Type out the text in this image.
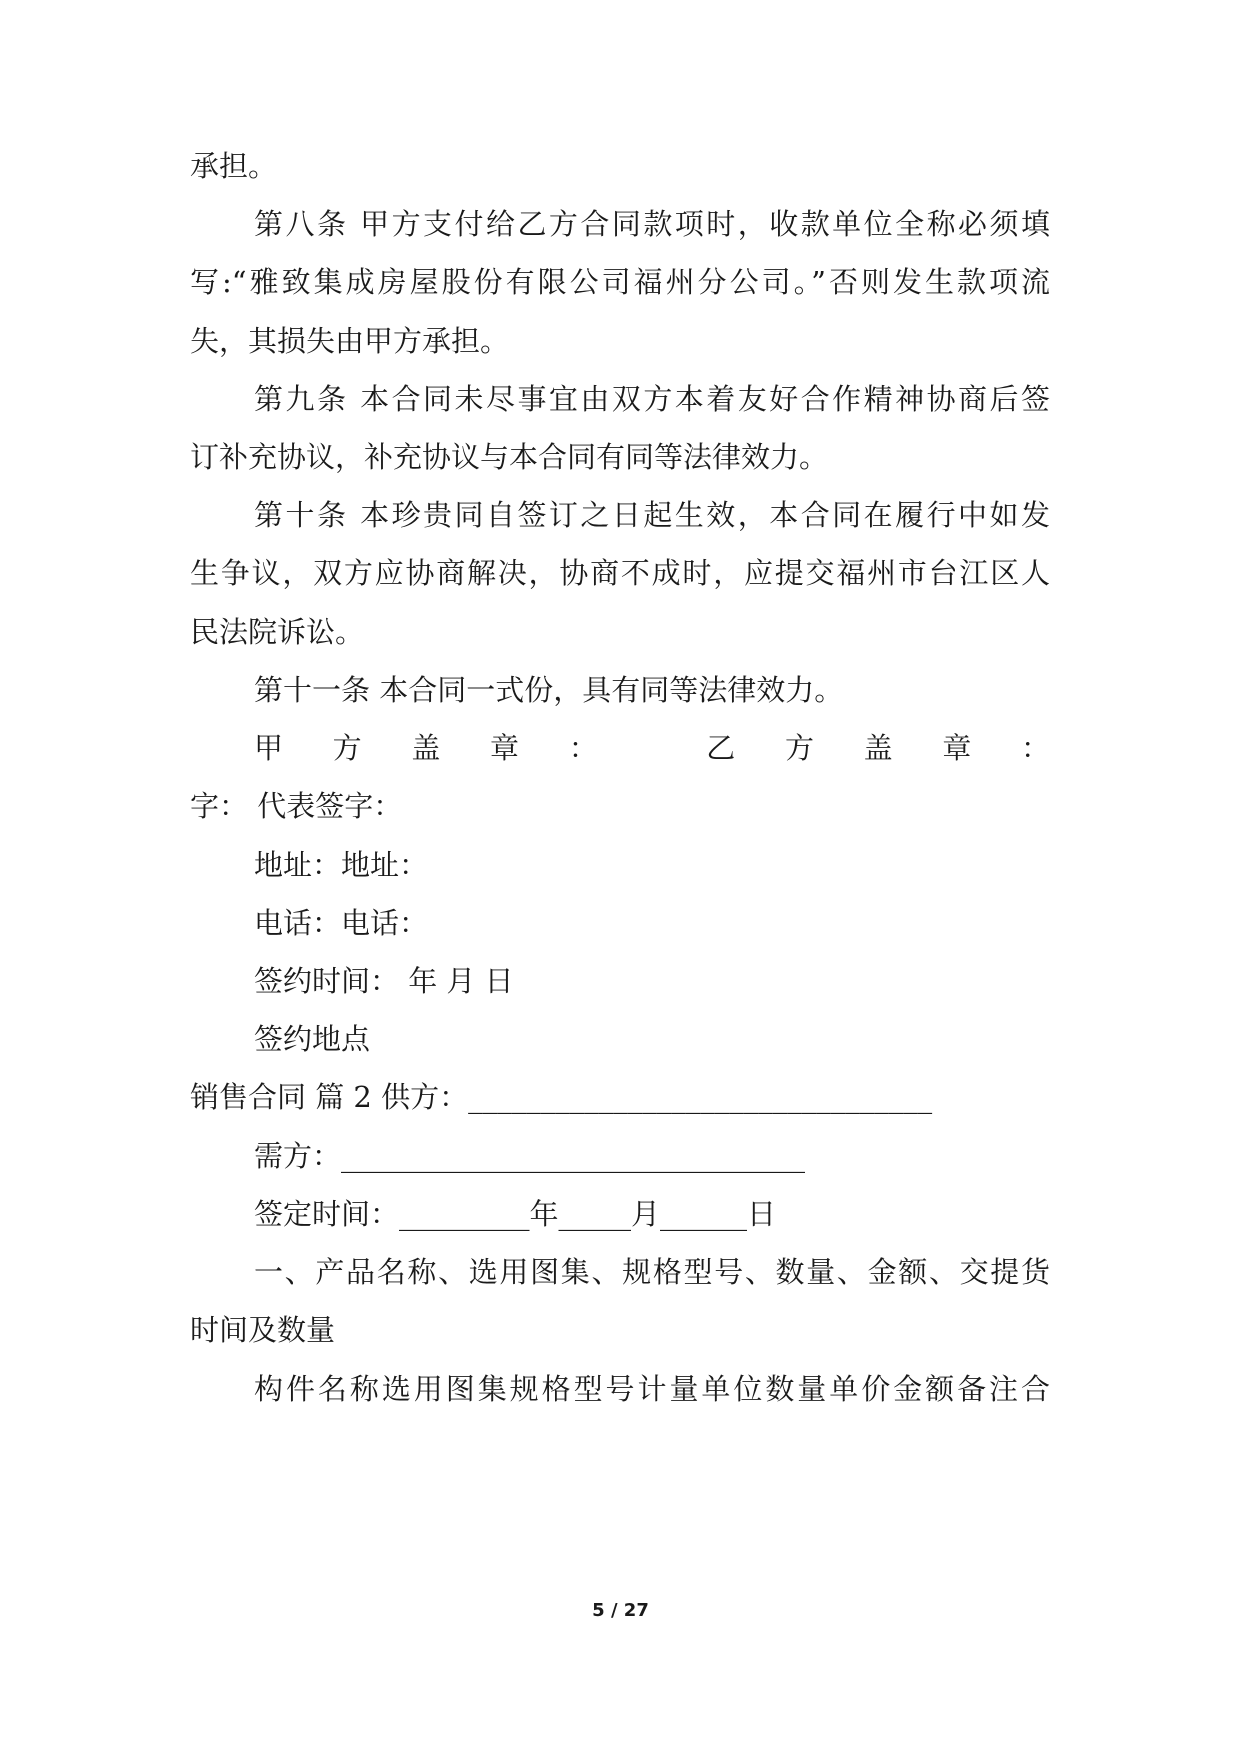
承担。
第八条 甲方支付给乙方合同款项时，收款单位全称必须填
写:“雅致集成房屋股份有限公司福州分公司。”否则发生款项流
失，其损失由甲方承担。
第九条 本合同未尽事宜由双方本着友好合作精神协商后签
订补充协议，补充协议与本合同有同等法律效力。
第十条 本珍贵同自签订之日起生效，本合同在履行中如发
生争议，双方应协商解决，协商不成时，应提交福州市台江区人
民法院诉讼。
第十一条 本合同一式份，具有同等法律效力。
甲方盖章： 乙方盖章：
字： 代表签字：
地址：地址：
电话：电话：
签约时间： 年 月 日
签约地点
销售合同 篇 2 供方：________________________________
需方：________________________________
签定时间：_________年_____月______日
一、产品名称、选用图集、规格型号、数量、金额、交提货
时间及数量
构件名称选用图集规格型号计量单位数量单价金额备注合
5 / 27
